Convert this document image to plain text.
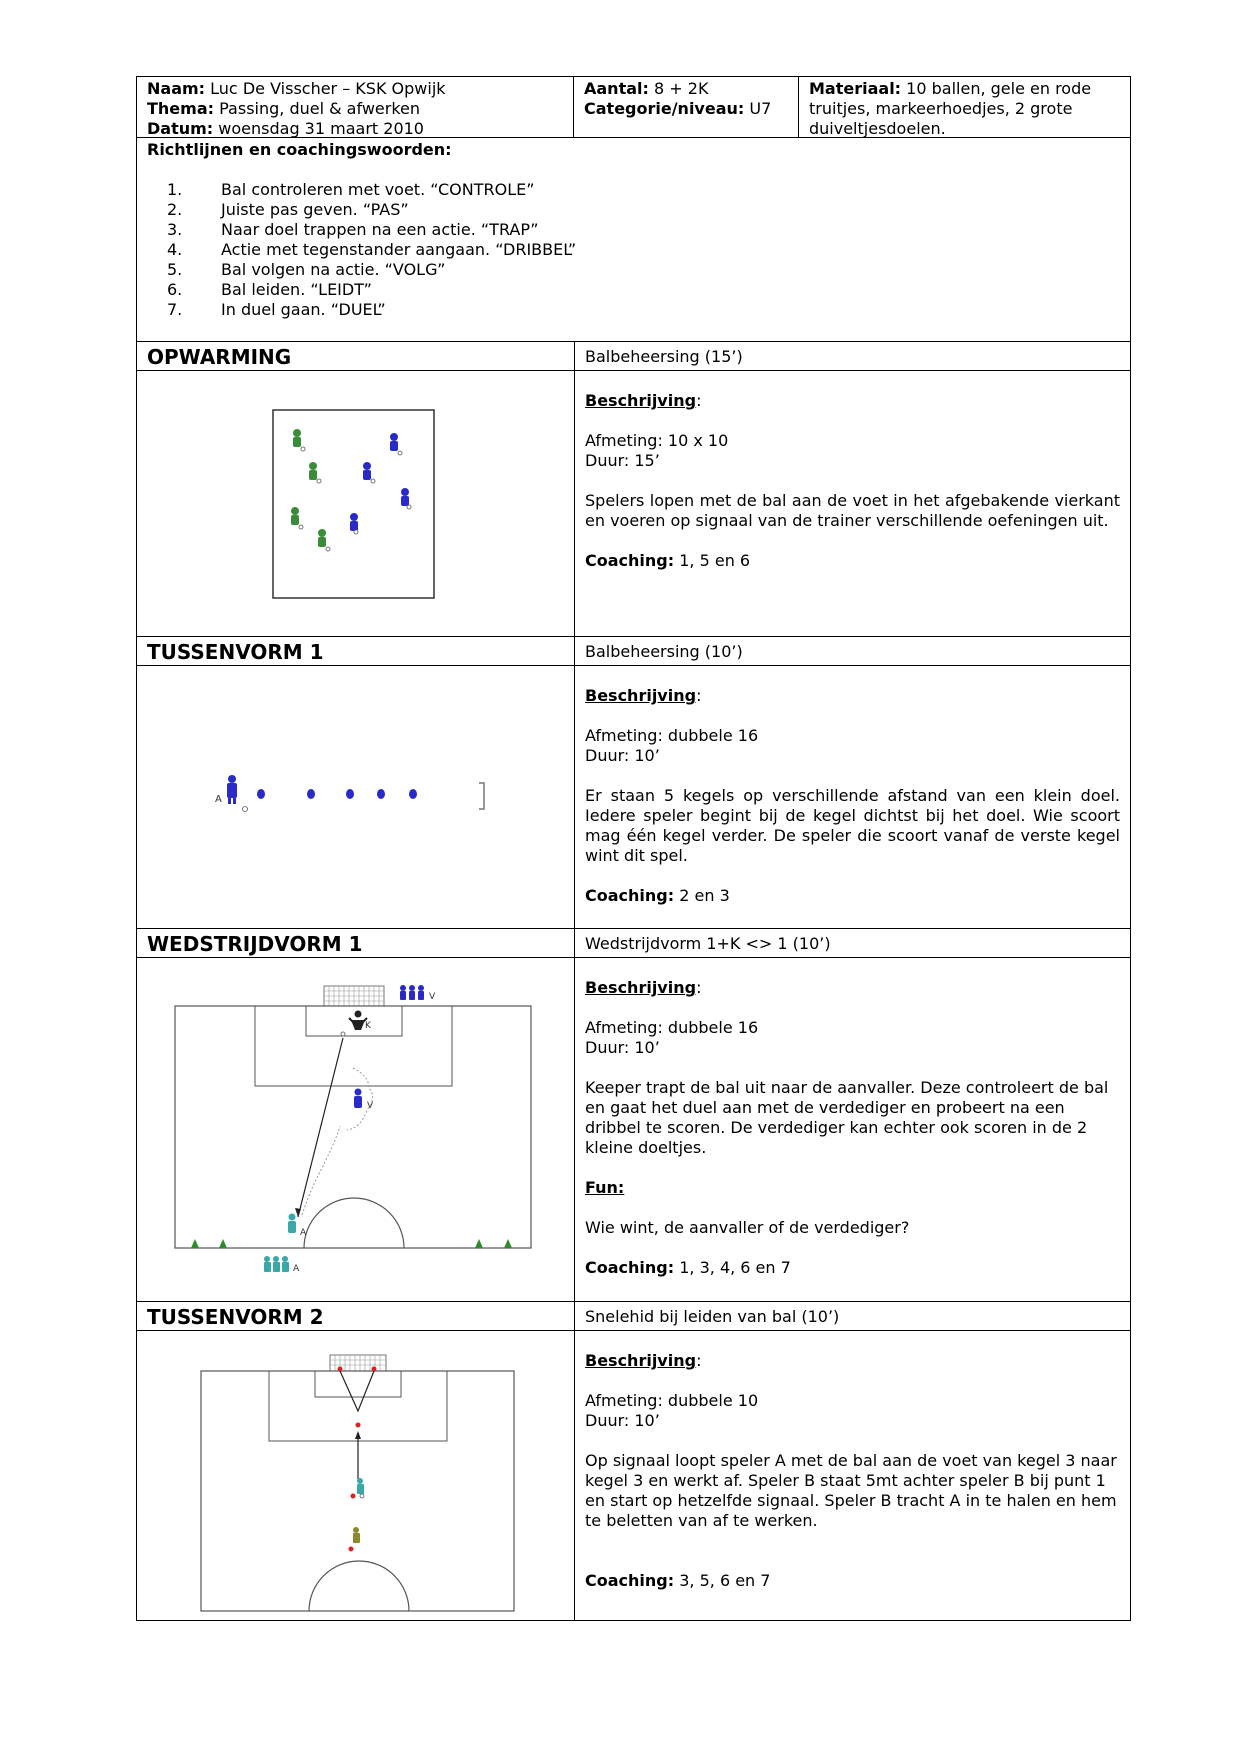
Naam: Luc De Visscher – KSK Opwijk
Thema: Passing, duel & afwerken
Datum: woensdag 31 maart 2010
Aantal: 8 + 2K
Categorie/niveau: U7
Materiaal: 10 ballen, gele en rode truitjes, markeerhoedjes, 2 grote duiveltjesdoelen.
Richtlijnen en coachingswoorden:
1.	Bal controleren met voet. “CONTROLE”
2.	Juiste pas geven. “PAS”
3.	Naar doel trappen na een actie. “TRAP”
4.	Actie met tegenstander aangaan. “DRIBBEL”
5.	Bal volgen na actie. “VOLG”
6.	Bal leiden. “LEIDT”
7.	In duel gaan. “DUEL”
OPWARMING	Balbeheersing (15’)

Beschrijving:

Afmeting: 10 x 10

Duur: 15’

Spelers lopen met de bal aan de voet in het afgebakende vierkant en voeren op signaal van de trainer verschillende oefeningen uit.

Coaching: 1, 5 en 6

TUSSENVORM 1	Balbeheersing (10’)
A

Beschrijving:

Afmeting: dubbele 16

Duur: 10’

Er staan 5 kegels op verschillende afstand van een klein doel. Iedere speler begint bij de kegel dichtst bij het doel. Wie scoort mag één kegel verder. De speler die scoort vanaf de verste kegel wint dit spel.

Coaching: 2 en 3

WEDSTRIJDVORM 1	Wedstrijdvorm 1+K <> 1 (10’)
V
K
V
A
A

Beschrijving:

Afmeting: dubbele 16

Duur: 10’

Keeper trapt de bal uit naar de aanvaller. Deze controleert de bal en gaat het duel aan met de verdediger en probeert na een dribbel te scoren. De verdediger kan echter ook scoren in de 2 kleine doeltjes.

Fun:

Wie wint, de aanvaller of de verdediger?

Coaching: 1, 3, 4, 6 en 7

TUSSENVORM 2	Snelehid bij leiden van bal (10’)

Beschrijving:

Afmeting: dubbele 10

Duur: 10’

Op signaal loopt speler A met de bal aan de voet van kegel 3 naar kegel 3 en werkt af. Speler B staat 5mt achter speler B bij punt 1 en start op hetzelfde signaal. Speler B tracht A in te halen en hem te beletten van af te werken.

Coaching: 3, 5, 6 en 7
